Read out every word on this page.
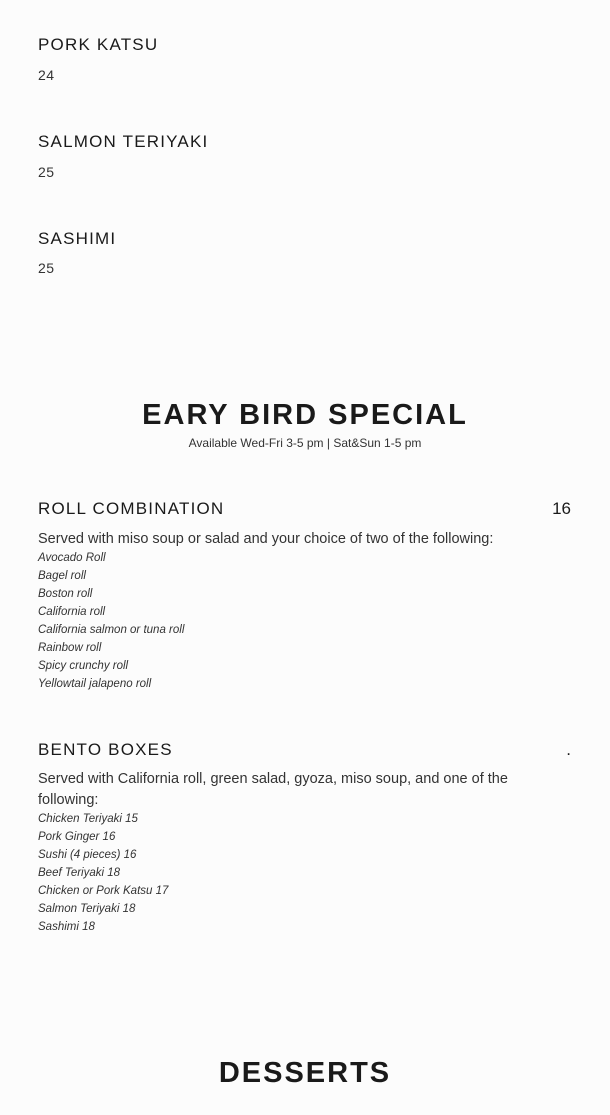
PORK KATSU
24
SALMON TERIYAKI
25
SASHIMI
25
EARY BIRD SPECIAL
Available Wed-Fri 3-5 pm | Sat&Sun 1-5 pm
ROLL COMBINATION	16
Served with miso soup or salad and your choice of two of the following:
Avocado Roll
Bagel roll
Boston roll
California roll
California salmon or tuna roll
Rainbow roll
Spicy crunchy roll
Yellowtail jalapeno roll
BENTO BOXES	.
Served with California roll, green salad, gyoza, miso soup, and one of the following:
Chicken Teriyaki 15
Pork Ginger 16
Sushi (4 pieces) 16
Beef Teriyaki 18
Chicken or Pork Katsu 17
Salmon Teriyaki 18
Sashimi 18
DESSERTS
